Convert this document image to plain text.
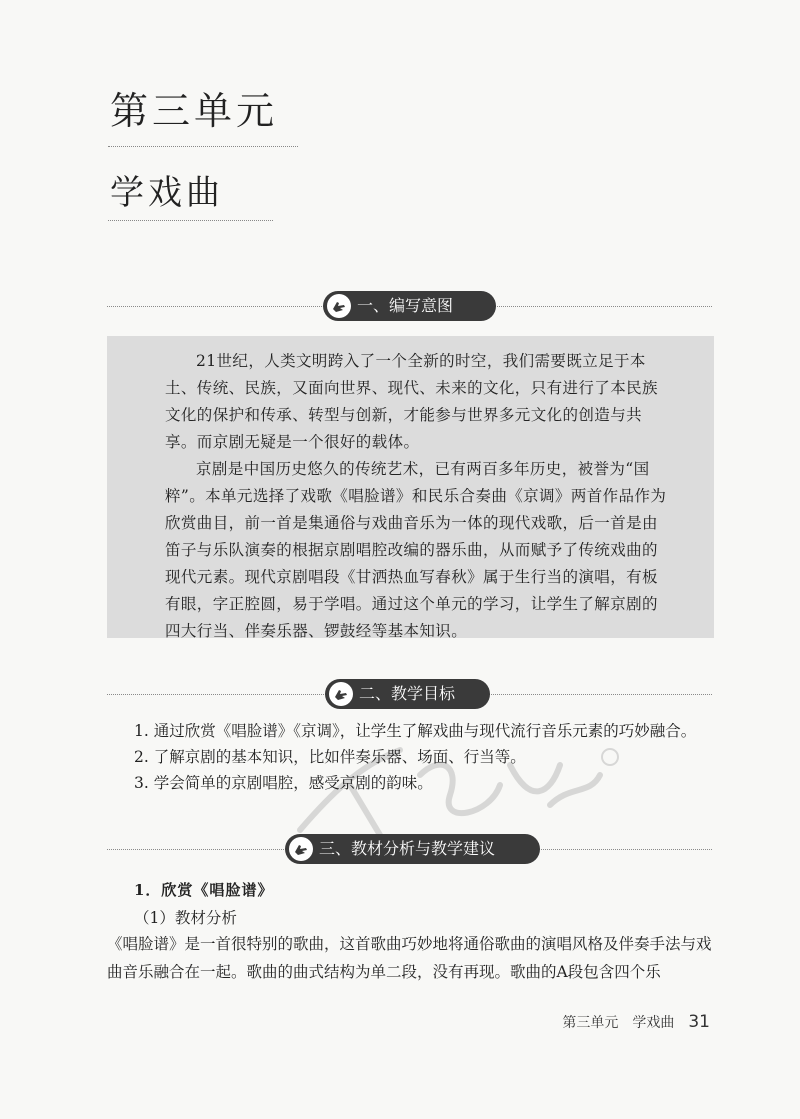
第三单元
学戏曲
一、编写意图

21世纪，人类文明跨入了一个全新的时空，我们需要既立足于本土、传统、民族，又面向世界、现代、未来的文化，只有进行了本民族文化的保护和传承、转型与创新，才能参与世界多元文化的创造与共享。而京剧无疑是一个很好的载体。

京剧是中国历史悠久的传统艺术，已有两百多年历史，被誉为“国粹”。本单元选择了戏歌《唱脸谱》和民乐合奏曲《京调》两首作品作为欣赏曲目，前一首是集通俗与戏曲音乐为一体的现代戏歌，后一首是由笛子与乐队演奏的根据京剧唱腔改编的器乐曲，从而赋予了传统戏曲的现代元素。现代京剧唱段《甘洒热血写春秋》属于生行当的演唱，有板有眼，字正腔圆，易于学唱。通过这个单元的学习，让学生了解京剧的四大行当、伴奏乐器、锣鼓经等基本知识。

二、教学目标
1. 通过欣赏《唱脸谱》《京调》，让学生了解戏曲与现代流行音乐元素的巧妙融合。
2. 了解京剧的基本知识，比如伴奏乐器、场面、行当等。
3. 学会简单的京剧唱腔，感受京剧的韵味。
三、教材分析与教学建议
1．欣赏《唱脸谱》
（1）教材分析

《唱脸谱》是一首很特别的歌曲，这首歌曲巧妙地将通俗歌曲的演唱风格及伴奏手法与戏曲音乐融合在一起。歌曲的曲式结构为单二段，没有再现。歌曲的A段包含四个乐

第三单元 学戏曲 31
